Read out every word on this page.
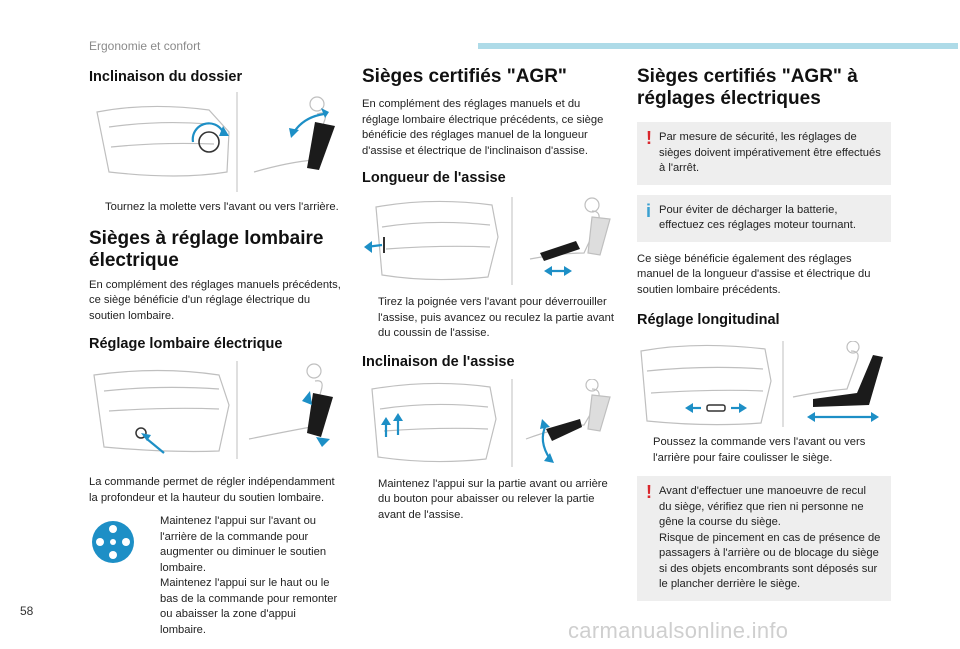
Ergonomie et confort
Inclinaison du dossier
Tournez la molette vers l'avant ou vers l'arrière.
Sièges à réglage lombaire électrique

En complément des réglages manuels précédents, ce siège bénéficie d'un réglage électrique du soutien lombaire.

Réglage lombaire électrique

La commande permet de régler indépendamment la profondeur et la hauteur du soutien lombaire.

Maintenez l'appui sur l'avant ou l'arrière de la commande pour augmenter ou diminuer le soutien lombaire.
Maintenez l'appui sur le haut ou le bas de la commande pour remonter ou abaisser la zone d'appui lombaire.
Sièges certifiés "AGR"

En complément des réglages manuels et du réglage lombaire électrique précédents, ce siège bénéficie des réglages manuel de la longueur d'assise et électrique de l'inclinaison d'assise.

Longueur de l'assise
Tirez la poignée vers l'avant pour déverrouiller l'assise, puis avancez ou reculez la partie avant du coussin de l'assise.
Inclinaison de l'assise
Maintenez l'appui sur la partie avant ou arrière du bouton pour abaisser ou relever la partie avant de l'assise.
Sièges certifiés "AGR" à réglages électriques
! Par mesure de sécurité, les réglages de sièges doivent impérativement être effectués à l'arrêt.

i Pour éviter de décharger la batterie, effectuez ces réglages moteur tournant.

Ce siège bénéficie également des réglages manuel de la longueur d'assise et électrique du soutien lombaire précédents.

Réglage longitudinal
Poussez la commande vers l'avant ou vers l'arrière pour faire coulisser le siège.
! Avant d'effectuer une manoeuvre de recul du siège, vérifiez que rien ni personne ne gêne la course du siège.

Risque de pincement en cas de présence de passagers à l'arrière ou de blocage du siège si des objets encombrants sont déposés sur le plancher derrière le siège.

58
carmanualsonline.info
